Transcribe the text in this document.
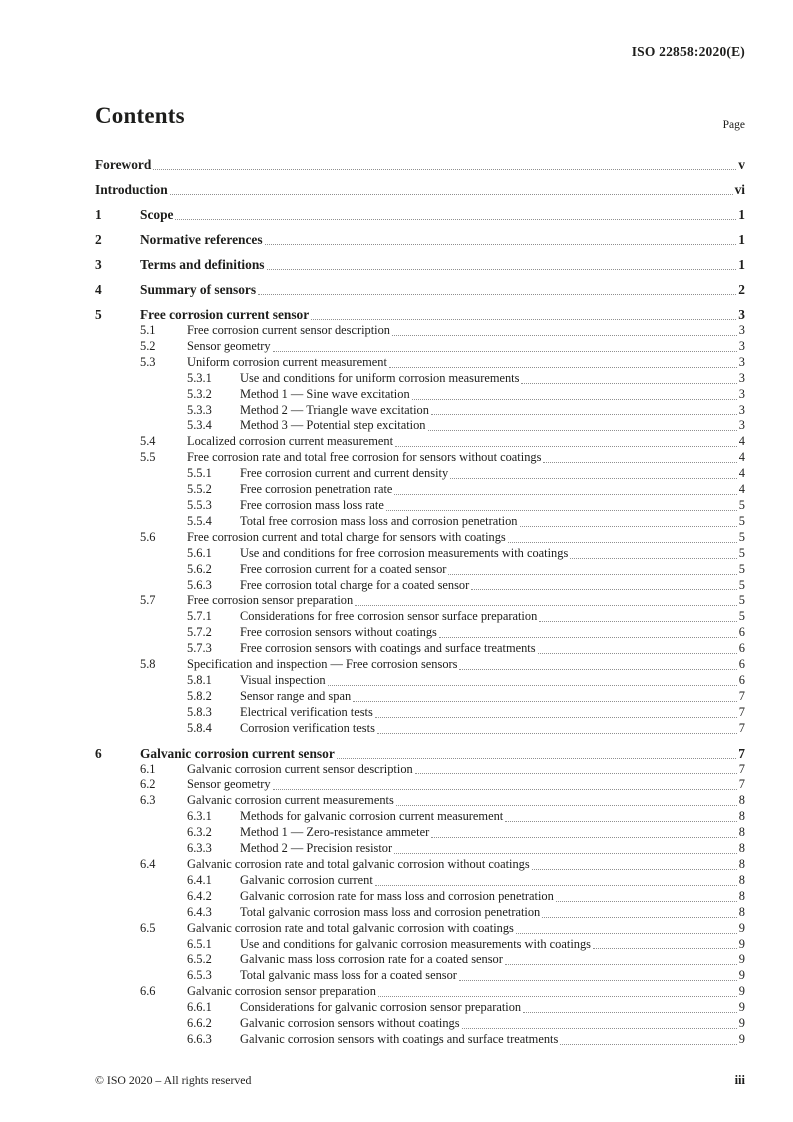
ISO 22858:2020(E)
Contents	Page
Foreword	v
Introduction	vi
1	Scope	1
2	Normative references	1
3	Terms and definitions	1
4	Summary of sensors	2
5	Free corrosion current sensor	3
5.1	Free corrosion current sensor description	3
5.2	Sensor geometry	3
5.3	Uniform corrosion current measurement	3
5.3.1	Use and conditions for uniform corrosion measurements	3
5.3.2	Method 1 — Sine wave excitation	3
5.3.3	Method 2 — Triangle wave excitation	3
5.3.4	Method 3 — Potential step excitation	3
5.4	Localized corrosion current measurement	4
5.5	Free corrosion rate and total free corrosion for sensors without coatings	4
5.5.1	Free corrosion current and current density	4
5.5.2	Free corrosion penetration rate	4
5.5.3	Free corrosion mass loss rate	5
5.5.4	Total free corrosion mass loss and corrosion penetration	5
5.6	Free corrosion current and total charge for sensors with coatings	5
5.6.1	Use and conditions for free corrosion measurements with coatings	5
5.6.2	Free corrosion current for a coated sensor	5
5.6.3	Free corrosion total charge for a coated sensor	5
5.7	Free corrosion sensor preparation	5
5.7.1	Considerations for free corrosion sensor surface preparation	5
5.7.2	Free corrosion sensors without coatings	6
5.7.3	Free corrosion sensors with coatings and surface treatments	6
5.8	Specification and inspection — Free corrosion sensors	6
5.8.1	Visual inspection	6
5.8.2	Sensor range and span	7
5.8.3	Electrical verification tests	7
5.8.4	Corrosion verification tests	7
6	Galvanic corrosion current sensor	7
6.1	Galvanic corrosion current sensor description	7
6.2	Sensor geometry	7
6.3	Galvanic corrosion current measurements	8
6.3.1	Methods for galvanic corrosion current measurement	8
6.3.2	Method 1 — Zero-resistance ammeter	8
6.3.3	Method 2 — Precision resistor	8
6.4	Galvanic corrosion rate and total galvanic corrosion without coatings	8
6.4.1	Galvanic corrosion current	8
6.4.2	Galvanic corrosion rate for mass loss and corrosion penetration	8
6.4.3	Total galvanic corrosion mass loss and corrosion penetration	8
6.5	Galvanic corrosion rate and total galvanic corrosion with coatings	9
6.5.1	Use and conditions for galvanic corrosion measurements with coatings	9
6.5.2	Galvanic mass loss corrosion rate for a coated sensor	9
6.5.3	Total galvanic mass loss for a coated sensor	9
6.6	Galvanic corrosion sensor preparation	9
6.6.1	Considerations for galvanic corrosion sensor preparation	9
6.6.2	Galvanic corrosion sensors without coatings	9
6.6.3	Galvanic corrosion sensors with coatings and surface treatments	9
© ISO 2020 – All rights reserved	iii
